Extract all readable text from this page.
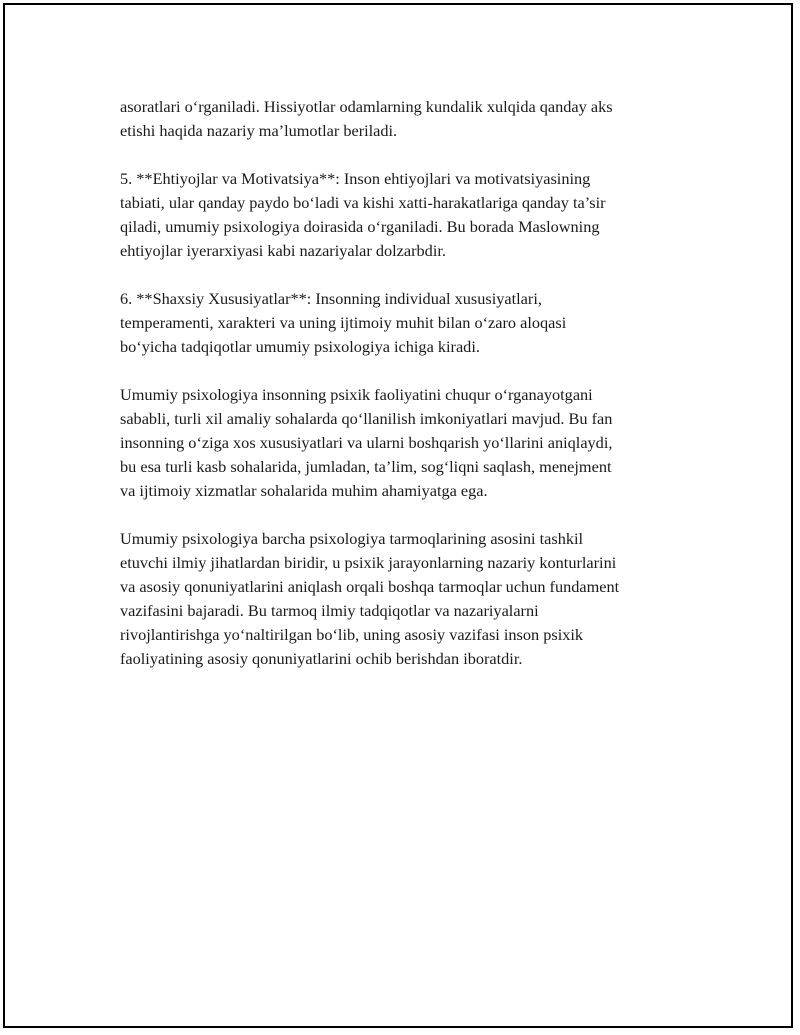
asoratlari o‘rganiladi. Hissiyotlar odamlarning kundalik xulqida qanday aks
etishi haqida nazariy ma’lumotlar beriladi.

5. **Ehtiyojlar va Motivatsiya**: Inson ehtiyojlari va motivatsiyasining
tabiati, ular qanday paydo bo‘ladi va kishi xatti-harakatlariga qanday ta’sir
qiladi, umumiy psixologiya doirasida o‘rganiladi. Bu borada Maslowning
ehtiyojlar iyerarxiyasi kabi nazariyalar dolzarbdir.

6. **Shaxsiy Xususiyatlar**: Insonning individual xususiyatlari,
temperamenti, xarakteri va uning ijtimoiy muhit bilan o‘zaro aloqasi
bo‘yicha tadqiqotlar umumiy psixologiya ichiga kiradi.

Umumiy psixologiya insonning psixik faoliyatini chuqur o‘rganayotgani
sababli, turli xil amaliy sohalarda qo‘llanilish imkoniyatlari mavjud. Bu fan
insonning o‘ziga xos xususiyatlari va ularni boshqarish yo‘llarini aniqlaydi,
bu esa turli kasb sohalarida, jumladan, ta’lim, sog‘liqni saqlash, menejment
va ijtimoiy xizmatlar sohalarida muhim ahamiyatga ega.

Umumiy psixologiya barcha psixologiya tarmoqlarining asosini tashkil
etuvchi ilmiy jihatlardan biridir, u psixik jarayonlarning nazariy konturlarini
va asosiy qonuniyatlarini aniqlash orqali boshqa tarmoqlar uchun fundament
vazifasini bajaradi. Bu tarmoq ilmiy tadqiqotlar va nazariyalarni
rivojlantirishga yo‘naltirilgan bo‘lib, uning asosiy vazifasi inson psixik
faoliyatining asosiy qonuniyatlarini ochib berishdan iboratdir.
